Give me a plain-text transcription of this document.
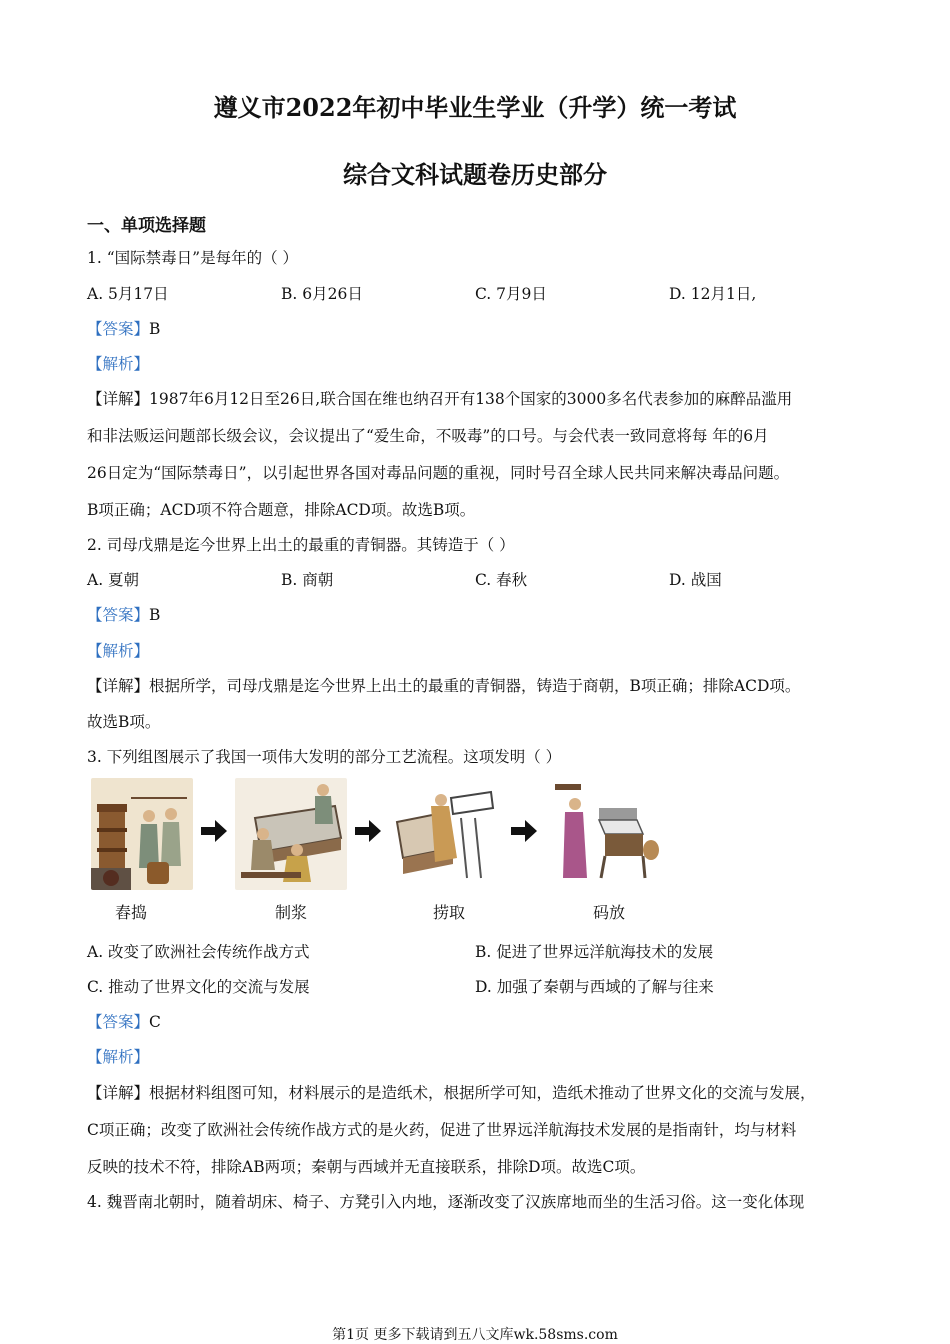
遵义市2022年初中毕业生学业（升学）统一考试
综合文科试题卷历史部分
一、单项选择题
1. “国际禁毒日”是每年的（ ）
A. 5月17日	B. 6月26日	C. 7月9日	D. 12月1日,
【答案】B
【解析】
【详解】1987年6月12日至26日,联合国在维也纳召开有138个国家的3000多名代表参加的麻醉品滥用
和非法贩运问题部长级会议，会议提出了“爱生命，不吸毒”的口号。与会代表一致同意将每 年的6月
26日定为“国际禁毒日”，以引起世界各国对毒品问题的重视，同时号召全球人民共同来解决毒品问题。
B项正确；ACD项不符合题意，排除ACD项。故选B项。
2. 司母戊鼎是迄今世界上出土的最重的青铜器。其铸造于（ ）
A. 夏朝	B. 商朝	C. 春秋	D. 战国
【答案】B
【解析】
【详解】根据所学，司母戊鼎是迄今世界上出土的最重的青铜器，铸造于商朝，B项正确；排除ACD项。
故选B项。
3. 下列组图展示了我国一项伟大发明的部分工艺流程。这项发明（ ）
舂捣	制浆	捞取	码放
A. 改变了欧洲社会传统作战方式	B. 促进了世界远洋航海技术的发展
C. 推动了世界文化的交流与发展	D. 加强了秦朝与西域的了解与往来
【答案】C
【解析】
【详解】根据材料组图可知，材料展示的是造纸术，根据所学可知，造纸术推动了世界文化的交流与发展，
C项正确；改变了欧洲社会传统作战方式的是火药，促进了世界远洋航海技术发展的是指南针，均与材料
反映的技术不符，排除AB两项；秦朝与西域并无直接联系，排除D项。故选C项。
4. 魏晋南北朝时，随着胡床、椅子、方凳引入内地，逐渐改变了汉族席地而坐的生活习俗。这一变化体现
第1页 更多下载请到五八文库wk.58sms.com
